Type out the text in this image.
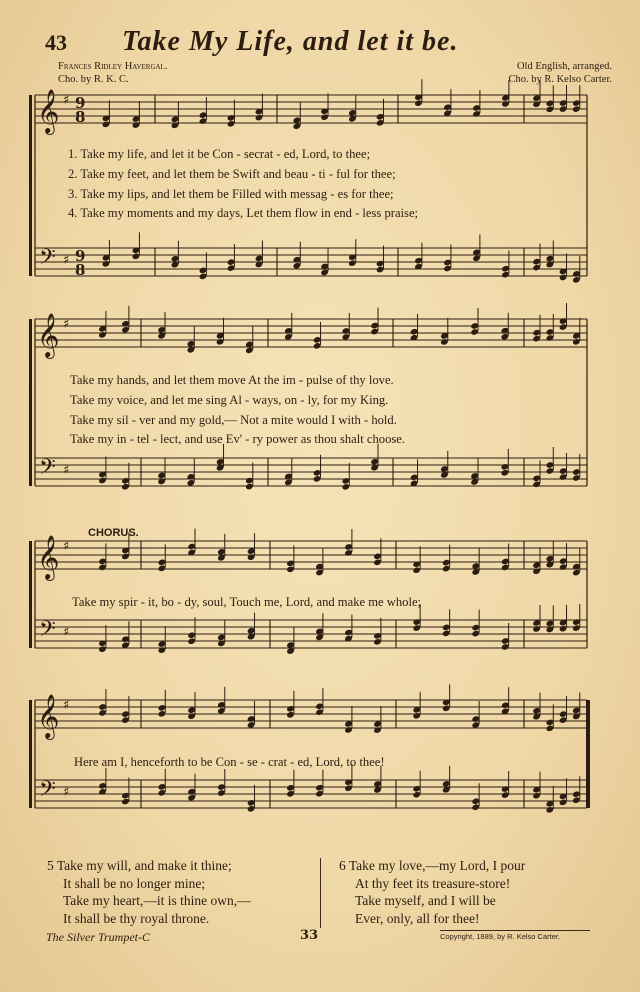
43 Take My Life, and let it be.
Frances Ridley Havergal.
Cho. by R. K. C.
Old English, arranged.
Cho. by R. Kelso Carter.
𝄞
𝄢
♯
♯
9
8
9
8
𝄞
𝄢
♯
♯
𝄞
𝄢
♯
♯
𝄞
𝄢
♯
♯
1. Take my life, and let it be Con - secrat - ed, Lord, to thee;
2. Take my feet, and let them be Swift and beau - ti - ful for thee;
3. Take my lips, and let them be Filled with messag - es for thee;
4. Take my moments and my days, Let them flow in end - less praise;
Take my hands, and let them move At the im - pulse of thy love.
Take my voice, and let me sing Al - ways, on - ly, for my King.
Take my sil - ver and my gold,— Not a mite would I with - hold.
Take my in - tel - lect, and use Ev' - ry power as thou shalt choose.
CHORUS.
Take my spir - it, bo - dy, soul, Touch me, Lord, and make me whole;
Here am I, henceforth to be Con - se - crat - ed, Lord, to thee!
5 Take my will, and make it thine;
It shall be no longer mine;
Take my heart,—it is thine own,—
It shall be thy royal throne.
6 Take my love,—my Lord, I pour
At thy feet its treasure-store!
Take myself, and I will be
Ever, only, all for thee!
The Silver Trumpet-C	33	Copyright, 1889, by R. Kelso Carter.
